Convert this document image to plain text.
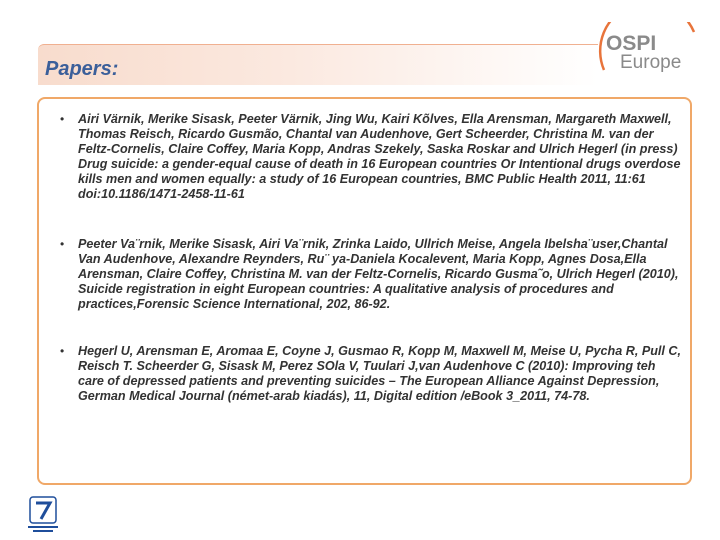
Papers:
OSPI
Europe
• Airi Värnik, Merike Sisask, Peeter Värnik, Jing Wu, Kairi Kõlves, Ella Arensman, Margareth Maxwell, Thomas Reisch, Ricardo Gusmão, Chantal van Audenhove, Gert Scheerder, Christina M. van der Feltz-Cornelis, Claire Coffey, Maria Kopp, Andras Szekely, Saska Roskar and Ulrich Hegerl (in press) Drug suicide: a gender-equal cause of death in 16 European countries Or Intentional drugs overdose kills men and women equally: a study of 16 European countries, BMC Public Health 2011, 11:61 doi:10.1186/1471-2458-11-61

• Peeter Va¨rnik, Merike Sisask, Airi Va¨rnik, Zrinka Laido, Ullrich Meise, Angela Ibelsha¨user,Chantal Van Audenhove, Alexandre Reynders, Ru¨ ya-Daniela Kocalevent, Maria Kopp, Agnes Dosa,Ella Arensman, Claire Coffey, Christina M. van der Feltz-Cornelis, Ricardo Gusma˜o, Ulrich Hegerl (2010), Suicide registration in eight European countries: A qualitative analysis of procedures and practices,Forensic Science International, 202, 86-92.

• Hegerl U, Arensman E, Aromaa E, Coyne J, Gusmao R, Kopp M, Maxwell M, Meise U, Pycha R, Pull C, Reisch T. Scheerder G, Sisask M, Perez SOla V, Tuulari J,van Audenhove C (2010): Improving teh care of depressed patients and preventing suicides – The European Alliance Against Depression, German Medical Journal (német-arab kiadás), 11, Digital edition /eBook 3_2011, 74-78.
